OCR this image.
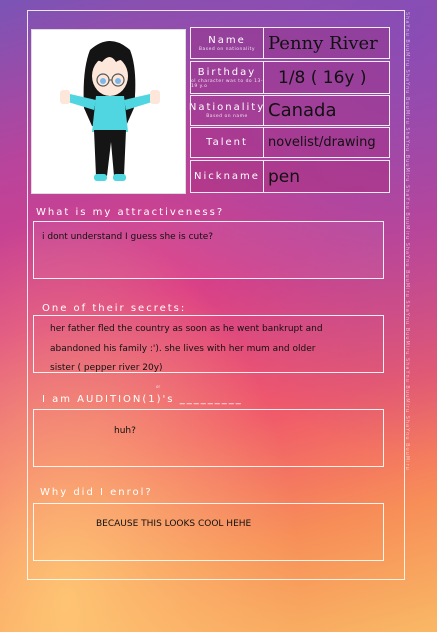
ShaYnu BuuMiru ShaYnu BuuMiru ShaYnu BuuMiru ShaYnu BuuMiru ShaYnu BuuMiru ShaYnu BuuMiru ShaYnu BuuMiru ShaYnu BuuMiru
Name
Based on nationality Penny River
Birthday
ol character was to do 13-19 y.o	1/8 ( 16y )
Nationality
Based on name Canada
Talent	novelist/drawing
Nickname pen
What is my attractiveness?
i dont understand I guess she is cute?
One of their secrets:
her father fled the country as soon as he went bankrupt and
abandoned his family :'). she lives with her mum and older
sister ( pepper river 20y)
or
I am AUDITION(1)'s _________
huh?
Why did I enrol?
BECAUSE THIS LOOKS COOL HEHE
